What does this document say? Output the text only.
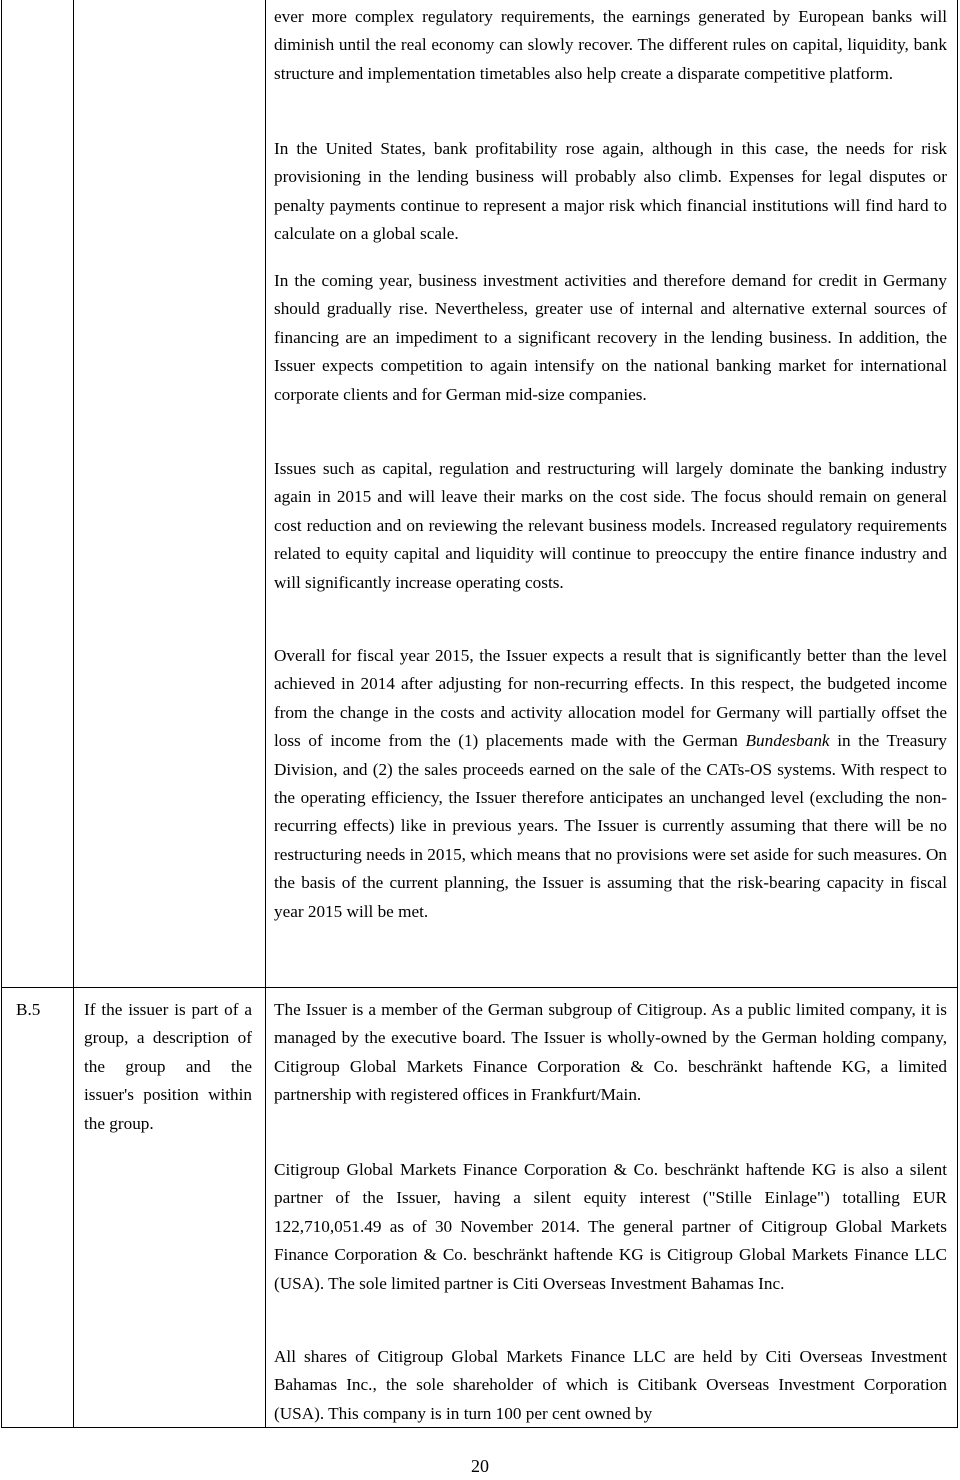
ever more complex regulatory requirements, the earnings generated by European banks will diminish until the real economy can slowly recover. The different rules on capital, liquidity, bank structure and implementation timetables also help create a disparate competitive platform.

In the United States, bank profitability rose again, although in this case, the needs for risk provisioning in the lending business will probably also climb. Expenses for legal disputes or penalty payments continue to represent a major risk which financial institutions will find hard to calculate on a global scale.

In the coming year, business investment activities and therefore demand for credit in Germany should gradually rise. Nevertheless, greater use of internal and alternative external sources of financing are an impediment to a significant recovery in the lending business. In addition, the Issuer expects competition to again intensify on the national banking market for international corporate clients and for German mid-size companies.

Issues such as capital, regulation and restructuring will largely dominate the banking industry again in 2015 and will leave their marks on the cost side. The focus should remain on general cost reduction and on reviewing the relevant business models. Increased regulatory requirements related to equity capital and liquidity will continue to preoccupy the entire finance industry and will significantly increase operating costs.

Overall for fiscal year 2015, the Issuer expects a result that is significantly better than the level achieved in 2014 after adjusting for non-recurring effects. In this respect, the budgeted income from the change in the costs and activity allocation model for Germany will partially offset the loss of income from the (1) placements made with the German Bundesbank in the Treasury Division, and (2) the sales proceeds earned on the sale of the CATs-OS systems. With respect to the operating efficiency, the Issuer therefore anticipates an unchanged level (excluding the non-recurring effects) like in previous years. The Issuer is currently assuming that there will be no restructuring needs in 2015, which means that no provisions were set aside for such measures. On the basis of the current planning, the Issuer is assuming that the risk-bearing capacity in fiscal year 2015 will be met.

B.5	If the issuer is part of a group, a description of the group and the issuer's position within the group.

The Issuer is a member of the German subgroup of Citigroup. As a public limited company, it is managed by the executive board. The Issuer is wholly-owned by the German holding company, Citigroup Global Markets Finance Corporation & Co. beschränkt haftende KG, a limited partnership with registered offices in Frankfurt/Main.

Citigroup Global Markets Finance Corporation & Co. beschränkt haftende KG is also a silent partner of the Issuer, having a silent equity interest ("Stille Einlage") totalling EUR 122,710,051.49 as of 30 November 2014. The general partner of Citigroup Global Markets Finance Corporation & Co. beschränkt haftende KG is Citigroup Global Markets Finance LLC (USA). The sole limited partner is Citi Overseas Investment Bahamas Inc.

All shares of Citigroup Global Markets Finance LLC are held by Citi Overseas Investment Bahamas Inc., the sole shareholder of which is Citibank Overseas Investment Corporation (USA). This company is in turn 100 per cent owned by

20
